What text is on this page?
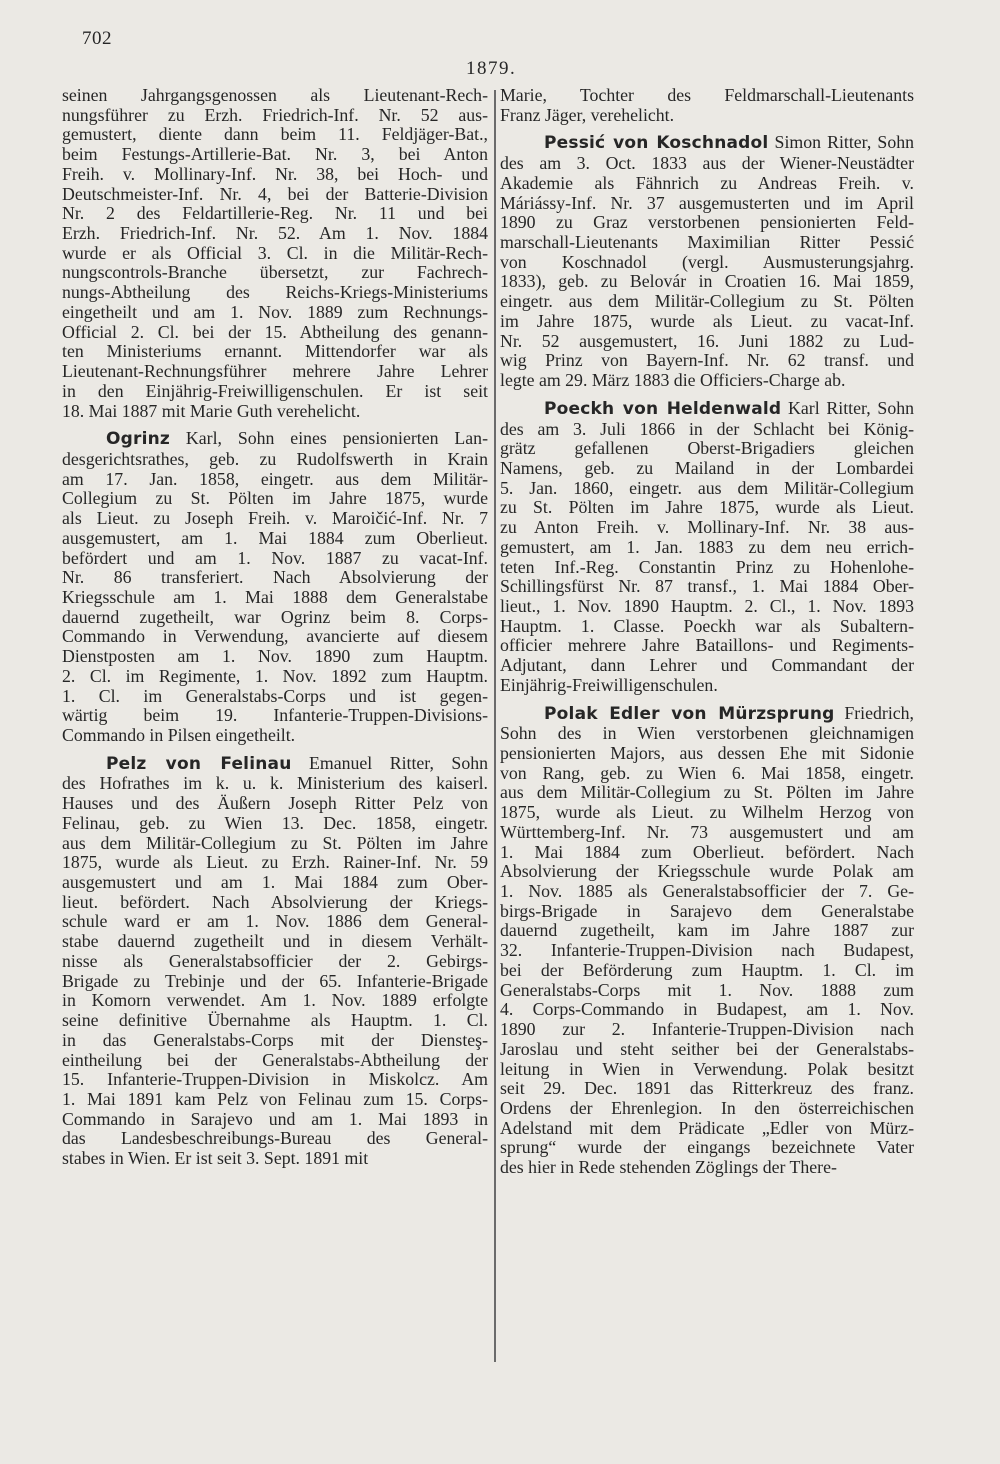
702
1879.
seinen Jahrgangsgenossen als Lieutenant-Rech-
nungsführer zu Erzh. Friedrich-Inf. Nr. 52 aus-
gemustert, diente dann beim 11. Feldjäger-Bat.,
beim Festungs-Artillerie-Bat. Nr. 3, bei Anton
Freih. v. Mollinary-Inf. Nr. 38, bei Hoch- und
Deutschmeister-Inf. Nr. 4, bei der Batterie-Division
Nr. 2 des Feldartillerie-Reg. Nr. 11 und bei
Erzh. Friedrich-Inf. Nr. 52. Am 1. Nov. 1884
wurde er als Official 3. Cl. in die Militär-Rech-
nungscontrols-Branche übersetzt, zur Fachrech-
nungs-Abtheilung des Reichs-Kriegs-Ministeriums
eingetheilt und am 1. Nov. 1889 zum Rechnungs-
Official 2. Cl. bei der 15. Abtheilung des genann-
ten Ministeriums ernannt. Mittendorfer war als
Lieutenant-Rechnungsführer mehrere Jahre Lehrer
in den Einjährig-Freiwilligenschulen. Er ist seit
18. Mai 1887 mit Marie Guth verehelicht.
Ogrinz Karl, Sohn eines pensionierten Lan-
desgerichtsrathes, geb. zu Rudolfswerth in Krain
am 17. Jan. 1858, eingetr. aus dem Militär-
Collegium zu St. Pölten im Jahre 1875, wurde
als Lieut. zu Joseph Freih. v. Maroičić-Inf. Nr. 7
ausgemustert, am 1. Mai 1884 zum Oberlieut.
befördert und am 1. Nov. 1887 zu vacat-Inf.
Nr. 86 transferiert. Nach Absolvierung der
Kriegsschule am 1. Mai 1888 dem Generalstabe
dauernd zugetheilt, war Ogrinz beim 8. Corps-
Commando in Verwendung, avancierte auf diesem
Dienstposten am 1. Nov. 1890 zum Hauptm.
2. Cl. im Regimente, 1. Nov. 1892 zum Hauptm.
1. Cl. im Generalstabs-Corps und ist gegen-
wärtig beim 19. Infanterie-Truppen-Divisions-
Commando in Pilsen eingetheilt.
Pelz von Felinau Emanuel Ritter, Sohn
des Hofrathes im k. u. k. Ministerium des kaiserl.
Hauses und des Äußern Joseph Ritter Pelz von
Felinau, geb. zu Wien 13. Dec. 1858, eingetr.
aus dem Militär-Collegium zu St. Pölten im Jahre
1875, wurde als Lieut. zu Erzh. Rainer-Inf. Nr. 59
ausgemustert und am 1. Mai 1884 zum Ober-
lieut. befördert. Nach Absolvierung der Kriegs-
schule ward er am 1. Nov. 1886 dem General-
stabe dauernd zugetheilt und in diesem Verhält-
nisse als Generalstabsofficier der 2. Gebirgs-
Brigade zu Trebinje und der 65. Infanterie-Brigade
in Komorn verwendet. Am 1. Nov. 1889 erfolgte
seine definitive Übernahme als Hauptm. 1. Cl.
in das Generalstabs-Corps mit der Diensteş-
eintheilung bei der Generalstabs-Abtheilung der
15. Infanterie-Truppen-Division in Miskolcz. Am
1. Mai 1891 kam Pelz von Felinau zum 15. Corps-
Commando in Sarajevo und am 1. Mai 1893 in
das Landesbeschreibungs-Bureau des General-
stabes in Wien. Er ist seit 3. Sept. 1891 mit
Marie, Tochter des Feldmarschall-Lieutenants
Franz Jäger, verehelicht.
Pessić von Koschnadol Simon Ritter, Sohn
des am 3. Oct. 1833 aus der Wiener-Neustädter
Akademie als Fähnrich zu Andreas Freih. v.
Máriássy-Inf. Nr. 37 ausgemusterten und im April
1890 zu Graz verstorbenen pensionierten Feld-
marschall-Lieutenants Maximilian Ritter Pessić
von Koschnadol (vergl. Ausmusterungsjahrg.
1833), geb. zu Belovár in Croatien 16. Mai 1859,
eingetr. aus dem Militär-Collegium zu St. Pölten
im Jahre 1875, wurde als Lieut. zu vacat-Inf.
Nr. 52 ausgemustert, 16. Juni 1882 zu Lud-
wig Prinz von Bayern-Inf. Nr. 62 transf. und
legte am 29. März 1883 die Officiers-Charge ab.
Poeckh von Heldenwald Karl Ritter, Sohn
des am 3. Juli 1866 in der Schlacht bei König-
grätz gefallenen Oberst-Brigadiers gleichen
Namens, geb. zu Mailand in der Lombardei
5. Jan. 1860, eingetr. aus dem Militär-Collegium
zu St. Pölten im Jahre 1875, wurde als Lieut.
zu Anton Freih. v. Mollinary-Inf. Nr. 38 aus-
gemustert, am 1. Jan. 1883 zu dem neu errich-
teten Inf.-Reg. Constantin Prinz zu Hohenlohe-
Schillingsfürst Nr. 87 transf., 1. Mai 1884 Ober-
lieut., 1. Nov. 1890 Hauptm. 2. Cl., 1. Nov. 1893
Hauptm. 1. Classe. Poeckh war als Subaltern-
officier mehrere Jahre Bataillons- und Regiments-
Adjutant, dann Lehrer und Commandant der
Einjährig-Freiwilligenschulen.
Polak Edler von Mürzsprung Friedrich,
Sohn des in Wien verstorbenen gleichnamigen
pensionierten Majors, aus dessen Ehe mit Sidonie
von Rang, geb. zu Wien 6. Mai 1858, eingetr.
aus dem Militär-Collegium zu St. Pölten im Jahre
1875, wurde als Lieut. zu Wilhelm Herzog von
Württemberg-Inf. Nr. 73 ausgemustert und am
1. Mai 1884 zum Oberlieut. befördert. Nach
Absolvierung der Kriegsschule wurde Polak am
1. Nov. 1885 als Generalstabsofficier der 7. Ge-
birgs-Brigade in Sarajevo dem Generalstabe
dauernd zugetheilt, kam im Jahre 1887 zur
32. Infanterie-Truppen-Division nach Budapest,
bei der Beförderung zum Hauptm. 1. Cl. im
Generalstabs-Corps mit 1. Nov. 1888 zum
4. Corps-Commando in Budapest, am 1. Nov.
1890 zur 2. Infanterie-Truppen-Division nach
Jaroslau und steht seither bei der Generalstabs-
leitung in Wien in Verwendung. Polak besitzt
seit 29. Dec. 1891 das Ritterkreuz des franz.
Ordens der Ehrenlegion. In den österreichischen
Adelstand mit dem Prädicate „Edler von Mürz-
sprung“ wurde der eingangs bezeichnete Vater
des hier in Rede stehenden Zöglings der There-
